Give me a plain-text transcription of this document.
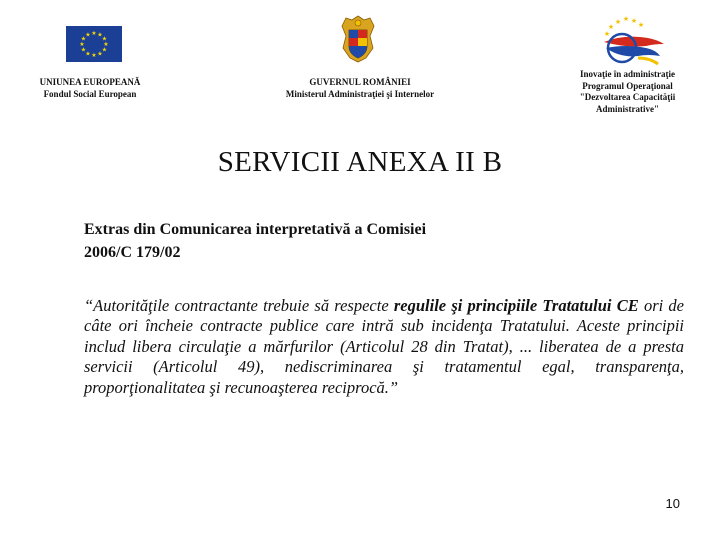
★ ★
★
★
★
★
★
★
★
★
★
★
UNIUNEA EUROPEANĂ
Fondul Social European
GUVERNUL ROMÂNIEI
Ministerul Administraţiei şi Internelor
★ ★ ★ ★
★
★
Inovaţie în administraţie
Programul Operaţional
"Dezvoltarea Capacităţii
Administrative"
SERVICII ANEXA II B
Extras din Comunicarea interpretativă a Comisiei
2006/C 179/02
“Autorităţile contractante trebuie să respecte regulile şi principiile Tratatului CE ori de câte ori încheie contracte publice care intră sub incidenţa Tratatului. Aceste principii includ libera circulaţie a mărfurilor (Articolul 28 din Tratat), ... liberatea de a presta servicii (Articolul 49), nediscriminarea şi tratamentul egal, transparenţa, proporţionalitatea şi recunoaşterea reciprocă.”
10
